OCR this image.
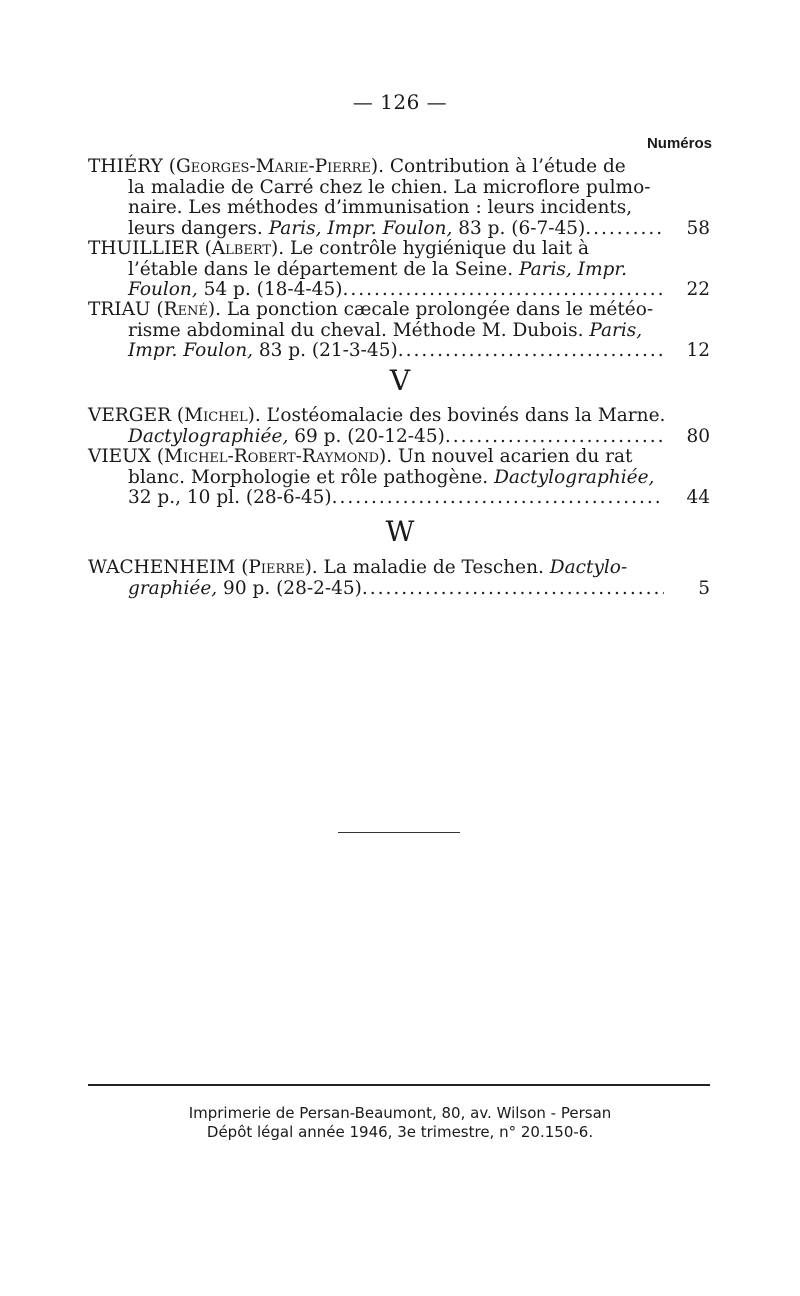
— 126 —
Numéros
THIÉRY (Georges-Marie-Pierre). Contribution à l’étude de
la maladie de Carré chez le chien. La microflore pulmo-
naire. Les méthodes d’immunisation : leurs incidents,
leurs dangers. Paris, Impr. Foulon, 83 p. (6-7-45) .....	58
THUILLIER (Albert). Le contrôle hygiénique du lait à
l’étable dans le département de la Seine. Paris, Impr.
Foulon, 54 p. (18-4-45) .....	22
TRIAU (René). La ponction cæcale prolongée dans le météo-
risme abdominal du cheval. Méthode M. Dubois. Paris,
Impr. Foulon, 83 p. (21-3-45) .....	12
V
VERGER (Michel). L’ostéomalacie des bovinés dans la Marne.
Dactylographiée, 69 p. (20-12-45) .....	80
VIEUX (Michel-Robert-Raymond). Un nouvel acarien du rat
blanc. Morphologie et rôle pathogène. Dactylographiée,
32 p., 10 pl. (28-6-45) .....	44
W
WACHENHEIM (Pierre). La maladie de Teschen. Dactylo-
graphiée, 90 p. (28-2-45) .....	5
Imprimerie de Persan-Beaumont, 80, av. Wilson - Persan
Dépôt légal année 1946, 3e trimestre, n° 20.150-6.
